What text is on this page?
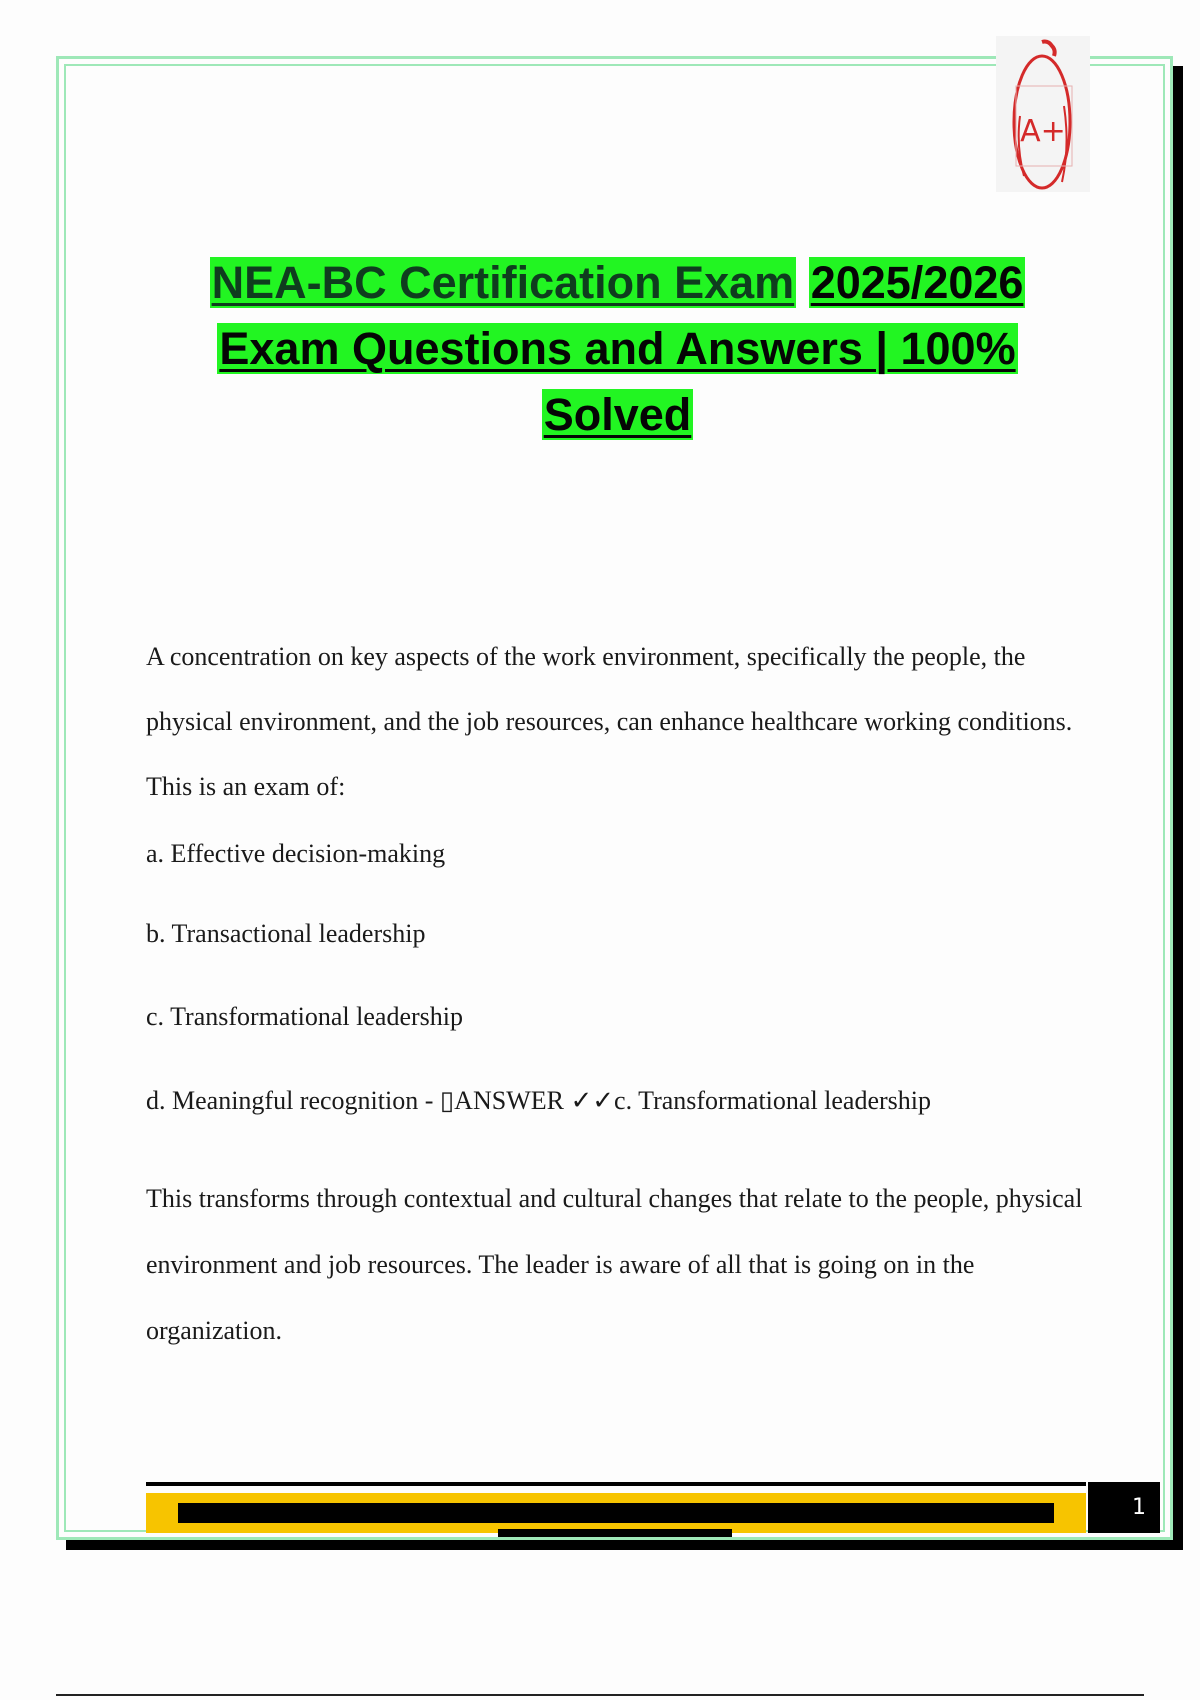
A+
NEA-BC Certification Exam 2025/2026
Exam Questions and Answers | 100%
Solved
A concentration on key aspects of the work environment, specifically the people, the physical environment, and the job resources, can enhance healthcare working conditions. This is an exam of:
a. Effective decision-making
b. Transactional leadership
c. Transformational leadership
d. Meaningful recognition - ▯ANSWER ✓✓c. Transformational leadership
This transforms through contextual and cultural changes that relate to the people, physical environment and job resources. The leader is aware of all that is going on in the organization.
1
